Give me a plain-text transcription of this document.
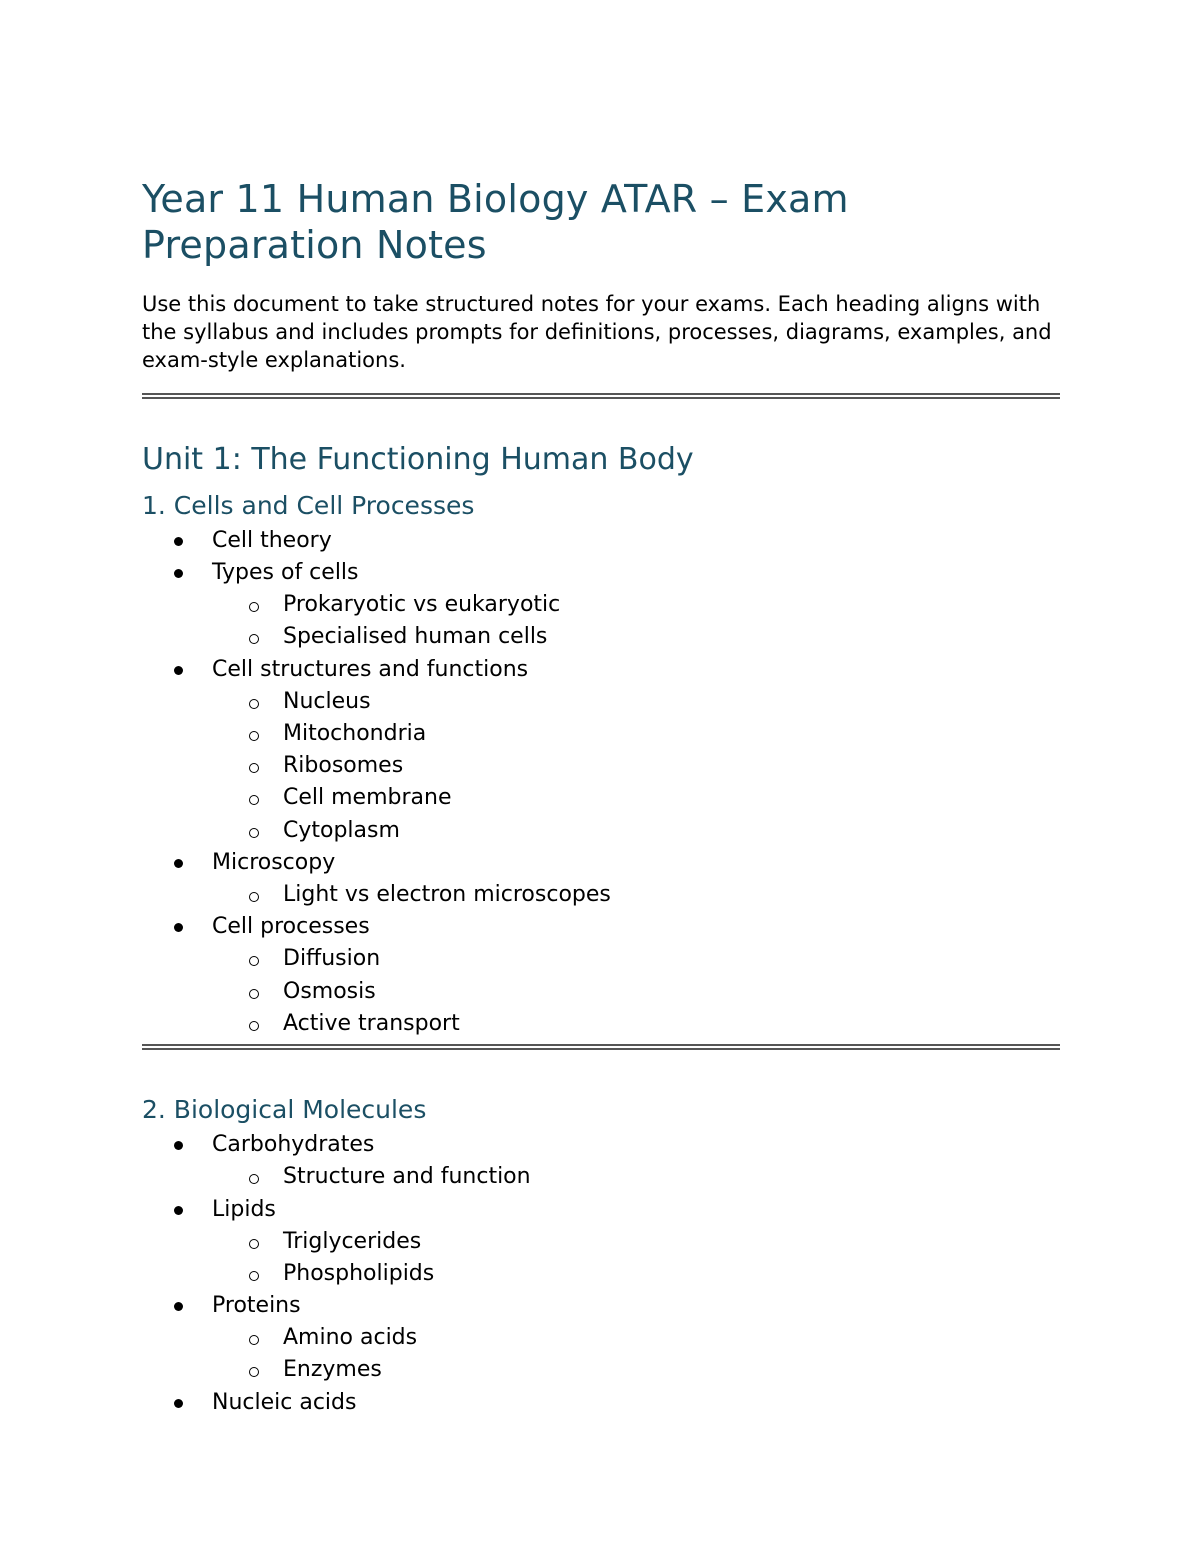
Year 11 Human Biology ATAR – Exam Preparation Notes

Use this document to take structured notes for your exams. Each heading aligns with the syllabus and includes prompts for definitions, processes, diagrams, examples, and exam-style explanations.

Unit 1: The Functioning Human Body
1. Cells and Cell Processes
Cell theory
Types of cells
Prokaryotic vs eukaryotic
Specialised human cells
Cell structures and functions
Nucleus
Mitochondria
Ribosomes
Cell membrane
Cytoplasm
Microscopy
Light vs electron microscopes
Cell processes
Diffusion
Osmosis
Active transport
2. Biological Molecules
Carbohydrates
Structure and function
Lipids
Triglycerides
Phospholipids
Proteins
Amino acids
Enzymes
Nucleic acids
